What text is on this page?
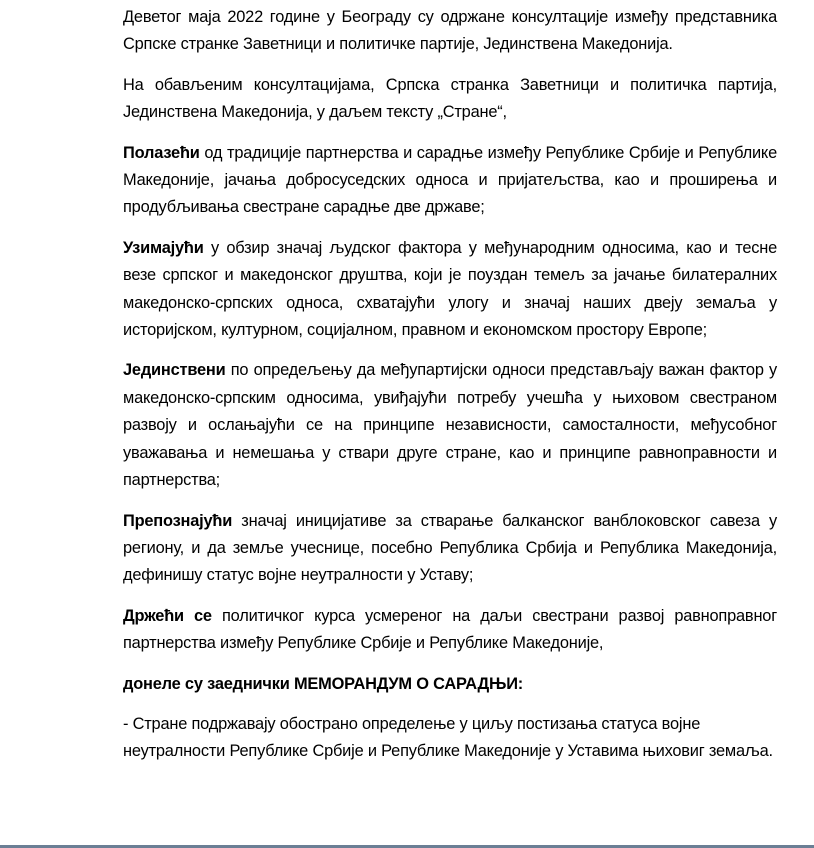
Деветог маја 2022 године у Београду су одржане консултације између представника Српске странке Заветници и политичке партије, Јединствена Македонија.

На обављеним консултацијама, Српска странка Заветници и политичка партија, Јединствена Македонија, у даљем тексту „Стране“,

Полазећи од традиције партнерства и сарадње између Републике Србије и Републике Македоније, јачања добросуседских односа и пријатељства, као и проширења и продубљивања свестране сарадње две државе;

Узимајући у обзир значај људског фактора у међународним односима, као и тесне везе српског и македонског друштва, који је поуздан темељ за јачање билатералних македонско-српских односа, схватајући улогу и значај наших двеју земаља у историјском, културном, социјалном, правном и економском простору Европе;

Јединствени по опредељењу да међупартијски односи представљају важан фактор у македонско-српским односима, увиђајући потребу учешћа у њиховом свестраном развоју и ослањајући се на принципе независности, самосталности, међусобног уважавања и немешања у ствари друге стране, као и принципе равноправности и партнерства;

Препознајући значај иницијативе за стварање балканског ванблоковског савеза у региону, и да земље учеснице, посебно Република Србија и Република Македонија, дефинишу статус војне неутралности у Уставу;

Држећи се политичког курса усмереног на даљи свестрани развој равноправног партнерства између Републике Србије и Републике Македоније,

донеле су заеднички МЕМОРАНДУМ О САРАДЊИ:

- Стране подржавају обострано определење у циљу постизања статуса војне неутралности Републике Србије и Републике Македоније у Уставима њиховиг земаља.
